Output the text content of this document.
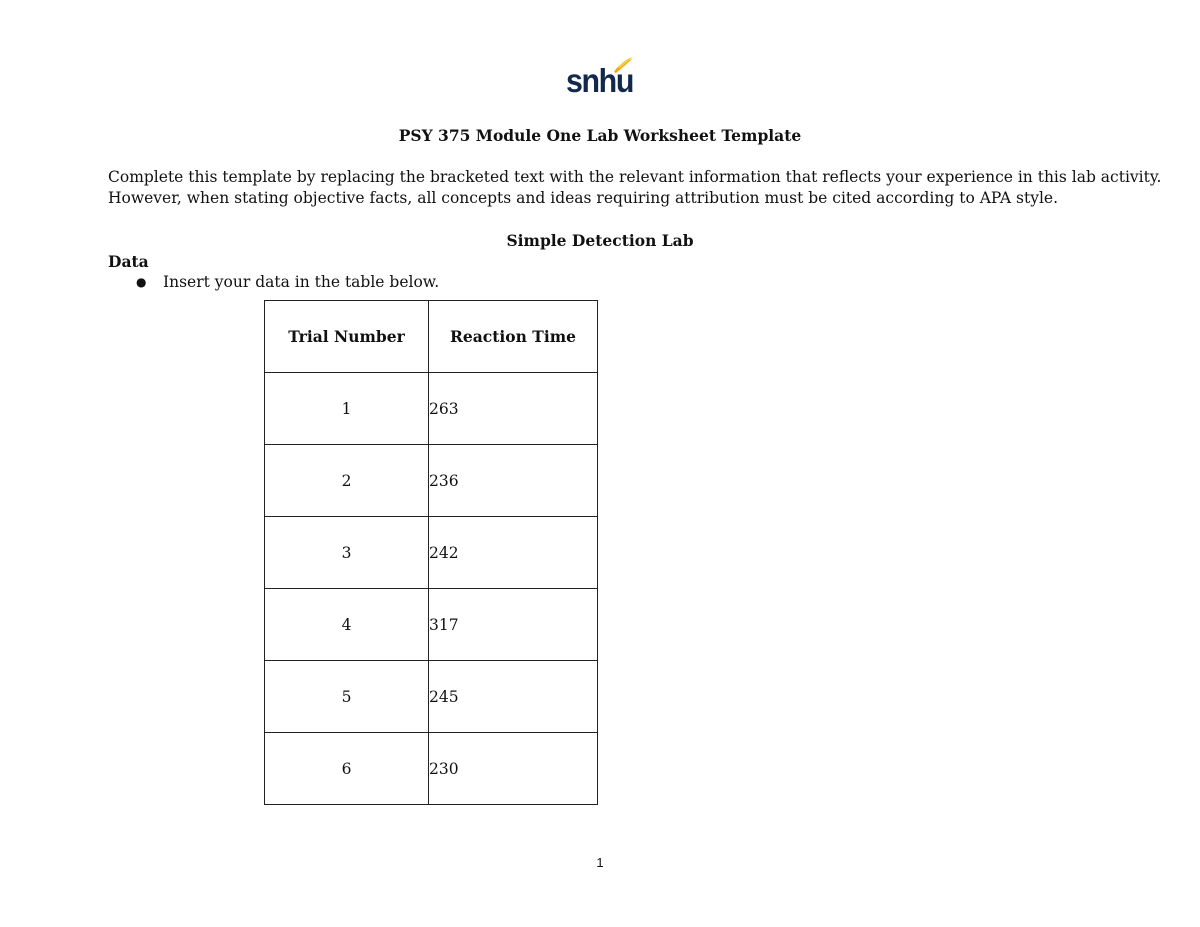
snhu
PSY 375 Module One Lab Worksheet Template

Complete this template by replacing the bracketed text with the relevant information that reflects your experience in this lab activity.

However, when stating objective facts, all concepts and ideas requiring attribution must be cited according to APA style.

Simple Detection Lab
Data
● Insert your data in the table below.
Trial Number	Reaction Time
1	263
2	236
3	242
4	317
5	245
6	230
1
